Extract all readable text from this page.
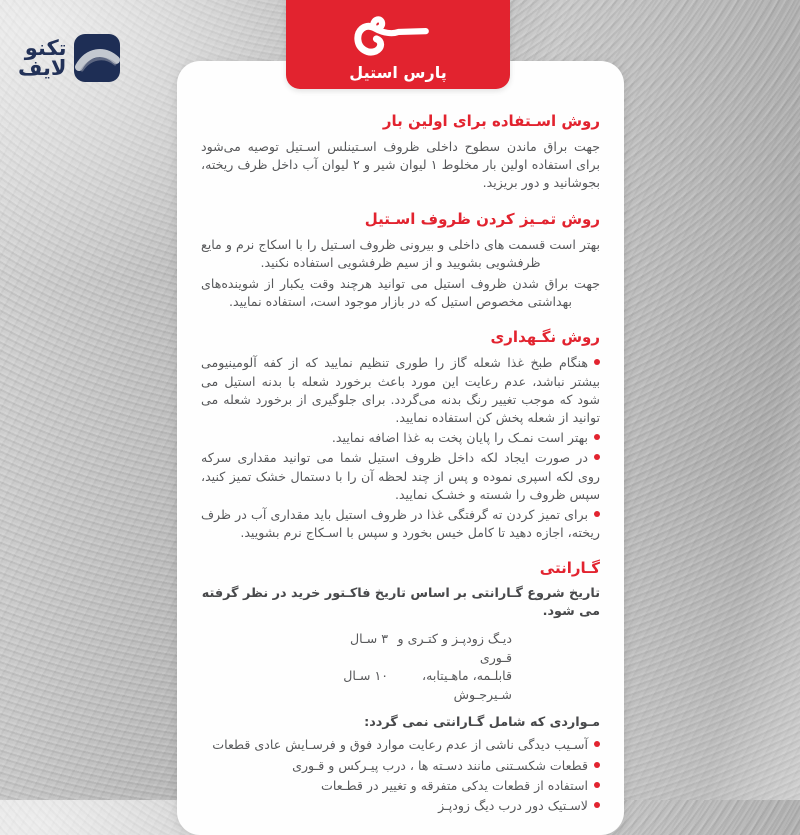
تکنو
لایف
روش اسـتفاده برای اولین بار

جهت براق ماندن سطوح داخلی ظروف اسـتینلس اسـتیل توصیه می‌شود برای استفاده اولین بار مخلوط ۱ لیوان شیر و ۲ لیوان آب داخل ظرف ریخته، بجوشانید و دور بریزید.

روش تمـیز کردن ظروف اسـتیل

بهتر است قسمت های داخلی و بیرونی ظروف اسـتیل را با اسکاج نرم و مایع ظرفشویی بشویید و از سیم ظرفشویی استفاده نکنید.

جهت براق شدن ظروف استیل می توانید هرچند وقت یکبار از شوینده‌های بهداشتی مخصوص استیل که در بازار موجود است، استفاده نمایید.

روش نگـهداری
هنگام طبخ غذا شعله گاز را طوری تنظیم نمایید که از کفه آلومینیومی بیشتر نباشد، عدم رعایت این مورد باعث برخورد شعله با بدنه استیل می شود که موجب تغییر رنگ بدنه می‌گردد. برای جلوگیری از برخورد شعله می توانید از شعله پخش کن استفاده نمایید.
بهتر است نمـک را پایان پخت به غذا اضافه نمایید.
در صورت ایجاد لکه داخل ظروف استیل شما می توانید مقداری سرکه روی لکه اسپری نموده و پس از چند لحظه آن را با دستمال خشک تمیز کنید، سپس ظروف را شسته و خشـک نمایید.
برای تمیز کردن ته گرفتگی غذا در ظروف استیل باید مقداری آب در ظرف ریخته، اجازه دهید تا کامل خیس بخورد و سپس با اسـکاج نرم بشویید.
گـارانتی

تاریخ شروع گـارانتی بر اساس تاریخ فاکـتور خرید در نظر گرفته می شود.

دیـگ زودپـز و کتـری و قـوری
۳ سـال
قابلـمه، ماهـیتابه، شـیرجـوش
۱۰ سـال

مـواردی که شامل گـارانتی نمی گردد:

آسـیب دیدگی ناشی از عدم رعایت موارد فوق و فرسـایش عادی قطعات
قطعات شکسـتنی مانند دسـته ها ، درب پیـرکس و قـوری
استفاده از قطعات یدکی متفرقه و تغییر در قطـعات
لاسـتیک دور درب دیگ زودپـز
پارس استیل
